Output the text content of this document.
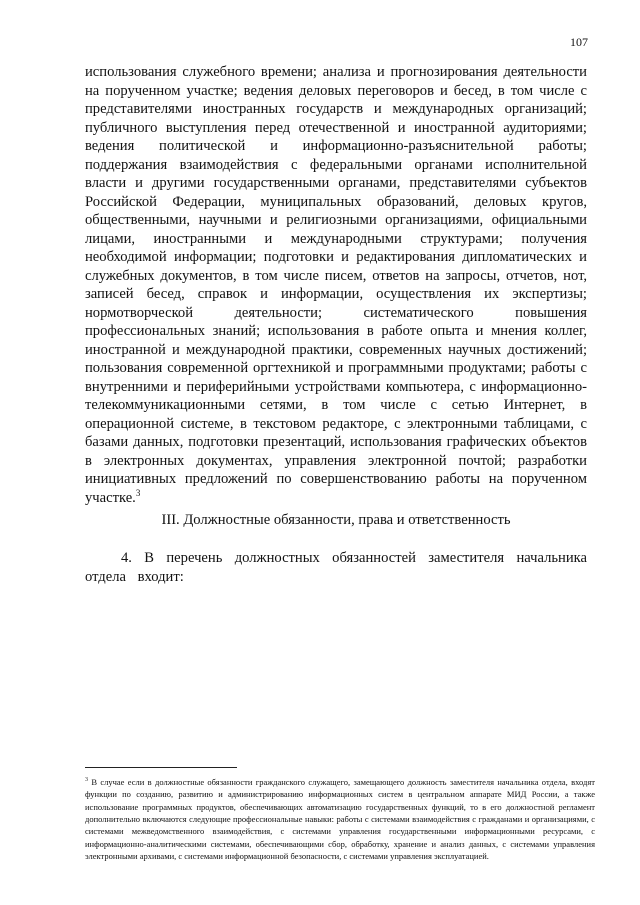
107

использования служебного времени; анализа и прогнозирования деятельности на порученном участке; ведения деловых переговоров и бесед, в том числе с представителями иностранных государств и международных организаций; публичного выступления перед отечественной и иностранной аудиториями; ведения политической и информационно-разъяснительной работы; поддержания взаимодействия с федеральными органами исполнительной власти и другими государственными органами, представителями субъектов Российской Федерации, муниципальных образований, деловых кругов, общественными, научными и религиозными организациями, официальными лицами, иностранными и международными структурами; получения необходимой информации; подготовки и редактирования дипломатических и служебных документов, в том числе писем, ответов на запросы, отчетов, нот, записей бесед, справок и информации, осуществления их экспертизы; нормотворческой деятельности; систематического повышения профессиональных знаний; использования в работе опыта и мнения коллег, иностранной и международной практики, современных научных достижений; пользования современной оргтехникой и программными продуктами; работы с внутренними и периферийными устройствами компьютера, с информационно-телекоммуникационными сетями, в том числе с сетью Интернет, в операционной системе, в текстовом редакторе, с электронными таблицами, с базами данных, подготовки презентаций, использования графических объектов в электронных документах, управления электронной почтой; разработки инициативных предложений по совершенствованию работы на порученном участке.$^3$

III. Должностные обязанности, права и ответственность

4. В перечень должностных обязанностей заместителя начальника отдела входит:

$^3$ В случае если в должностные обязанности гражданского служащего, замещающего должность заместителя начальника отдела, входят функции по созданию, развитию и администрированию информационных систем в центральном аппарате МИД России, а также использование программных продуктов, обеспечивающих автоматизацию государственных функций, то в его должностной регламент дополнительно включаются следующие профессиональные навыки: работы с системами взаимодействия с гражданами и организациями, с системами межведомственного взаимодействия, с системами управления государственными информационными ресурсами, с информационно-аналитическими системами, обеспечивающими сбор, обработку, хранение и анализ данных, с системами управления электронными архивами, с системами информационной безопасности, с системами управления эксплуатацией.
